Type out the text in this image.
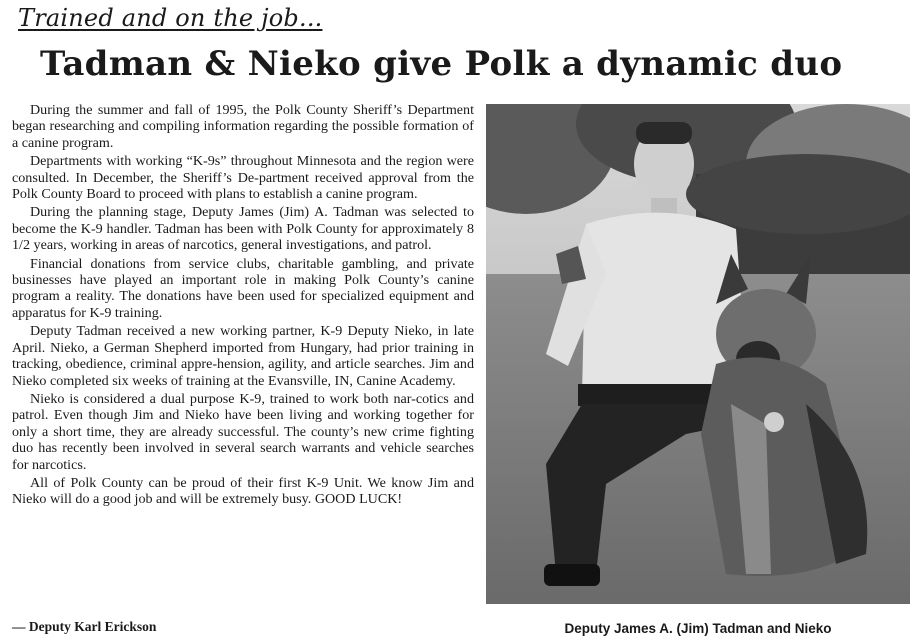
Trained and on the job...
Tadman & Nieko give Polk a dynamic duo

During the summer and fall of 1995, the Polk County Sheriff’s Department began researching and compiling information regarding the possible formation of a canine program.

Departments with working “K-9s” throughout Minnesota and the region were consulted. In December, the Sheriff’s De-partment received approval from the Polk County Board to proceed with plans to establish a canine program.

During the planning stage, Deputy James (Jim) A. Tadman was selected to become the K-9 handler. Tadman has been with Polk County for approximately 8 1/2 years, working in areas of narcotics, general investigations, and patrol.

Financial donations from service clubs, charitable gambling, and private businesses have played an important role in making Polk County’s canine program a reality. The donations have been used for specialized equipment and apparatus for K-9 training.

Deputy Tadman received a new working partner, K-9 Deputy Nieko, in late April. Nieko, a German Shepherd imported from Hungary, had prior training in tracking, obedience, criminal appre-hension, agility, and article searches. Jim and Nieko completed six weeks of training at the Evansville, IN, Canine Academy.

Nieko is considered a dual purpose K-9, trained to work both nar-cotics and patrol. Even though Jim and Nieko have been living and working together for only a short time, they are already successful. The county’s new crime fighting duo has recently been involved in several search warrants and vehicle searches for narcotics.

All of Polk County can be proud of their first K-9 Unit. We know Jim and Nieko will do a good job and will be extremely busy. GOOD LUCK!

— Deputy Karl Erickson	Deputy James A. (Jim) Tadman and Nieko
